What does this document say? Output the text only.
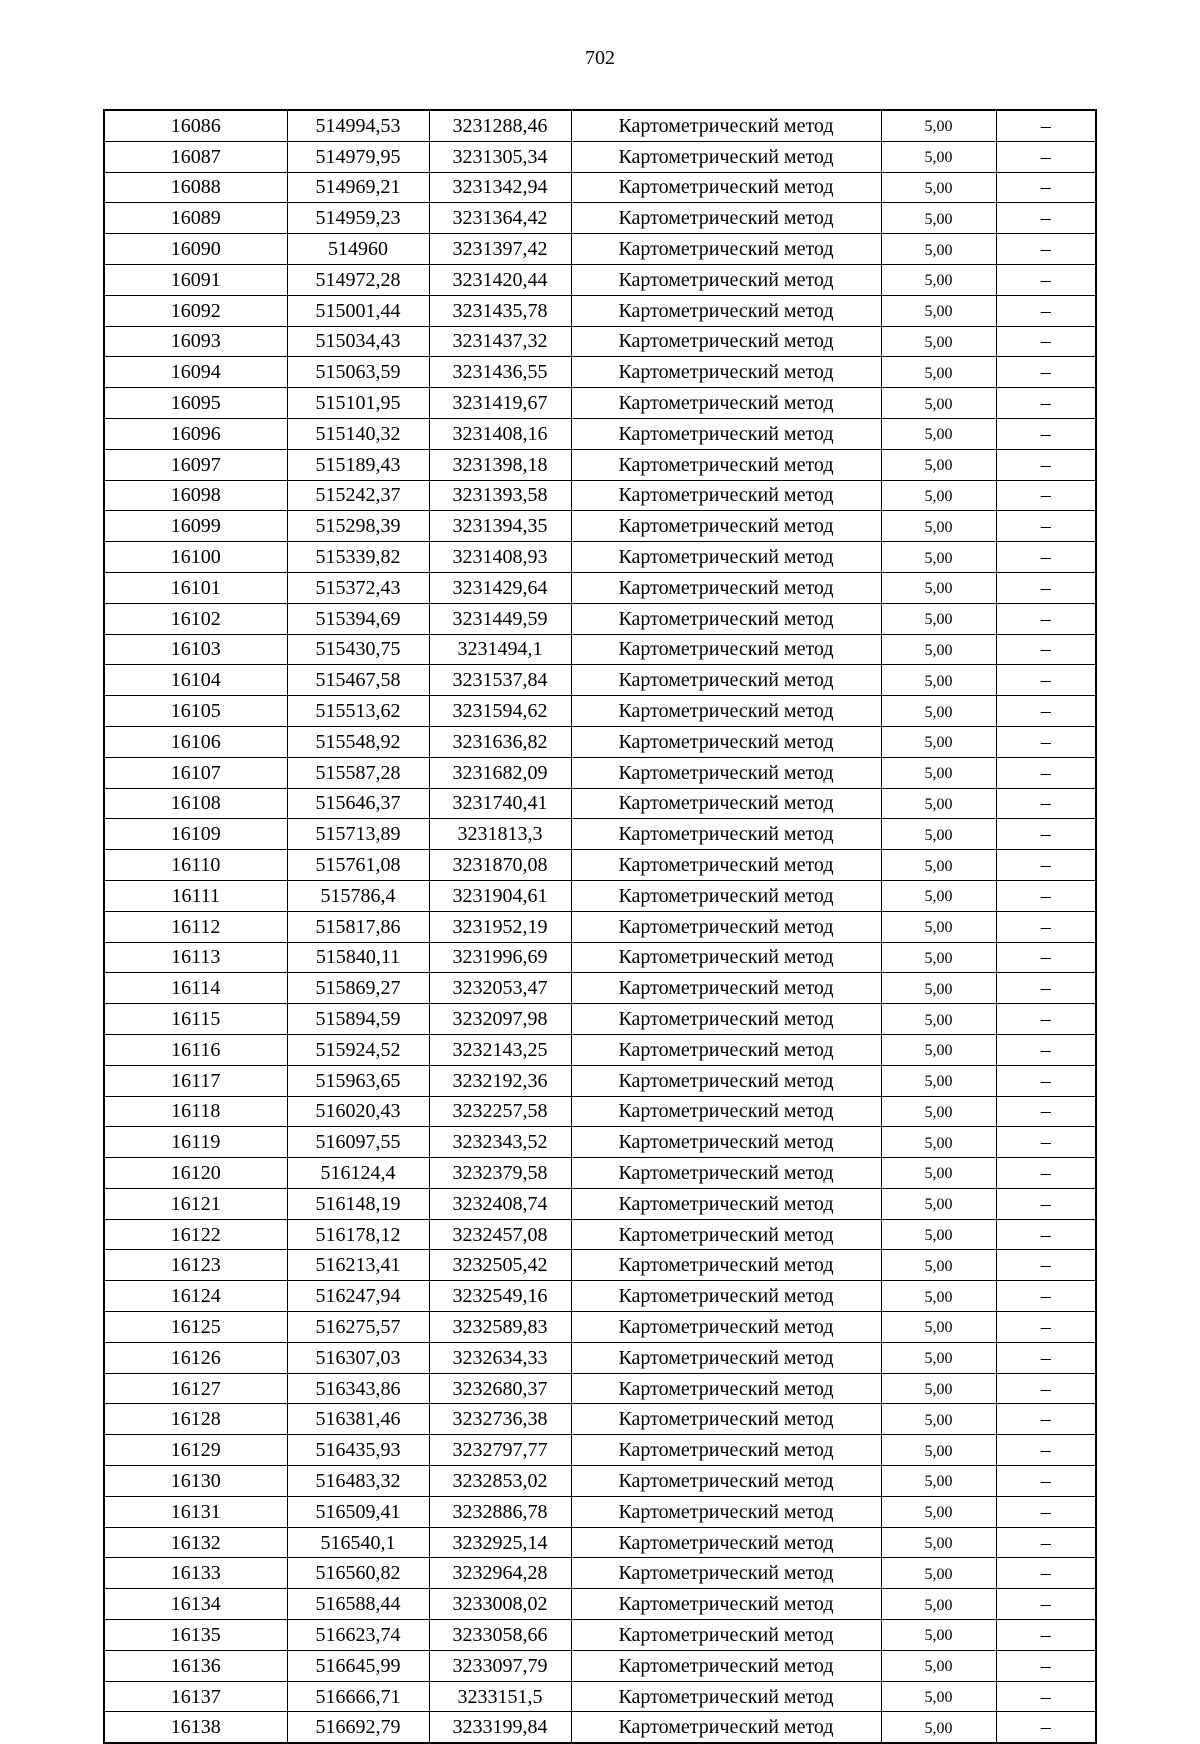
702
16086	514994,53	3231288,46	Картометрический метод	5,00	–
16087	514979,95	3231305,34	Картометрический метод	5,00	–
16088	514969,21	3231342,94	Картометрический метод	5,00	–
16089	514959,23	3231364,42	Картометрический метод	5,00	–
16090	514960	3231397,42	Картометрический метод	5,00	–
16091	514972,28	3231420,44	Картометрический метод	5,00	–
16092	515001,44	3231435,78	Картометрический метод	5,00	–
16093	515034,43	3231437,32	Картометрический метод	5,00	–
16094	515063,59	3231436,55	Картометрический метод	5,00	–
16095	515101,95	3231419,67	Картометрический метод	5,00	–
16096	515140,32	3231408,16	Картометрический метод	5,00	–
16097	515189,43	3231398,18	Картометрический метод	5,00	–
16098	515242,37	3231393,58	Картометрический метод	5,00	–
16099	515298,39	3231394,35	Картометрический метод	5,00	–
16100	515339,82	3231408,93	Картометрический метод	5,00	–
16101	515372,43	3231429,64	Картометрический метод	5,00	–
16102	515394,69	3231449,59	Картометрический метод	5,00	–
16103	515430,75	3231494,1	Картометрический метод	5,00	–
16104	515467,58	3231537,84	Картометрический метод	5,00	–
16105	515513,62	3231594,62	Картометрический метод	5,00	–
16106	515548,92	3231636,82	Картометрический метод	5,00	–
16107	515587,28	3231682,09	Картометрический метод	5,00	–
16108	515646,37	3231740,41	Картометрический метод	5,00	–
16109	515713,89	3231813,3	Картометрический метод	5,00	–
16110	515761,08	3231870,08	Картометрический метод	5,00	–
16111	515786,4	3231904,61	Картометрический метод	5,00	–
16112	515817,86	3231952,19	Картометрический метод	5,00	–
16113	515840,11	3231996,69	Картометрический метод	5,00	–
16114	515869,27	3232053,47	Картометрический метод	5,00	–
16115	515894,59	3232097,98	Картометрический метод	5,00	–
16116	515924,52	3232143,25	Картометрический метод	5,00	–
16117	515963,65	3232192,36	Картометрический метод	5,00	–
16118	516020,43	3232257,58	Картометрический метод	5,00	–
16119	516097,55	3232343,52	Картометрический метод	5,00	–
16120	516124,4	3232379,58	Картометрический метод	5,00	–
16121	516148,19	3232408,74	Картометрический метод	5,00	–
16122	516178,12	3232457,08	Картометрический метод	5,00	–
16123	516213,41	3232505,42	Картометрический метод	5,00	–
16124	516247,94	3232549,16	Картометрический метод	5,00	–
16125	516275,57	3232589,83	Картометрический метод	5,00	–
16126	516307,03	3232634,33	Картометрический метод	5,00	–
16127	516343,86	3232680,37	Картометрический метод	5,00	–
16128	516381,46	3232736,38	Картометрический метод	5,00	–
16129	516435,93	3232797,77	Картометрический метод	5,00	–
16130	516483,32	3232853,02	Картометрический метод	5,00	–
16131	516509,41	3232886,78	Картометрический метод	5,00	–
16132	516540,1	3232925,14	Картометрический метод	5,00	–
16133	516560,82	3232964,28	Картометрический метод	5,00	–
16134	516588,44	3233008,02	Картометрический метод	5,00	–
16135	516623,74	3233058,66	Картометрический метод	5,00	–
16136	516645,99	3233097,79	Картометрический метод	5,00	–
16137	516666,71	3233151,5	Картометрический метод	5,00	–
16138	516692,79	3233199,84	Картометрический метод	5,00	–
